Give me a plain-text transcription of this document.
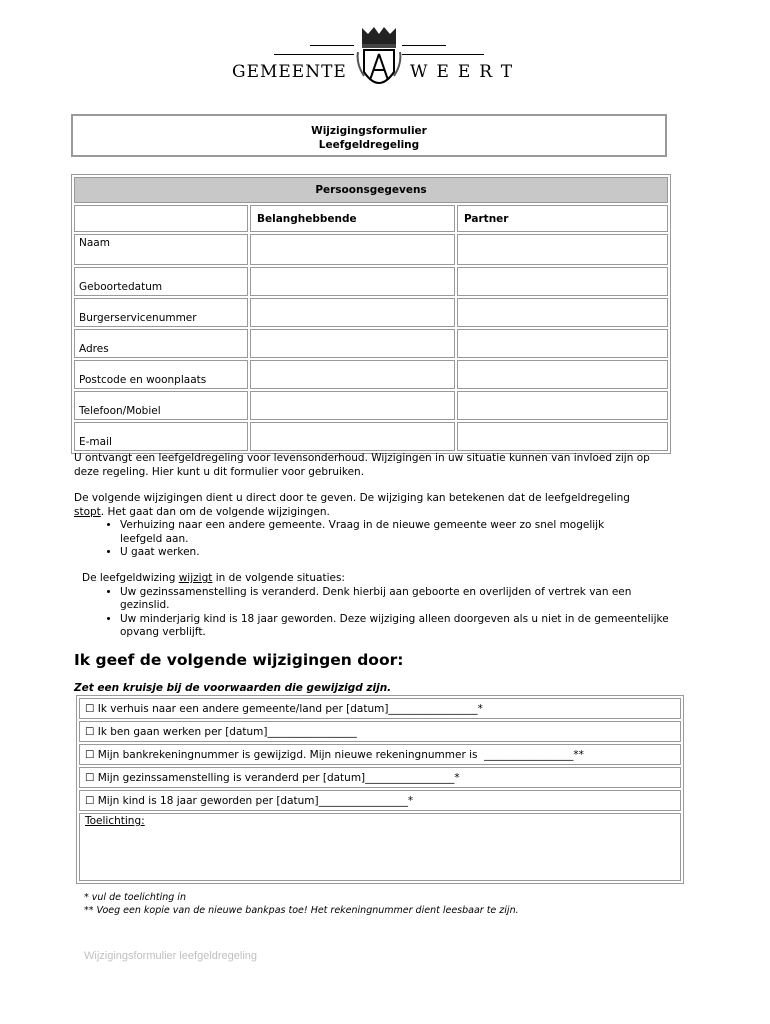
GEMEENTE	WEERT
Wijzigingsformulier
Leefgeldregeling
Persoonsgegevens		
	Belanghebbende	Partner
Naam		
Geboortedatum		
Burgerservicenummer		
Adres		
Postcode en woonplaats		
Telefoon/Mobiel		
E-mail		
U ontvangt een leefgeldregeling voor levensonderhoud. Wijzigingen in uw situatie kunnen van invloed zijn op deze regeling. Hier kunt u dit formulier voor gebruiken.
De volgende wijzigingen dient u direct door te geven. De wijziging kan betekenen dat de leefgeldregeling stopt. Het gaat dan om de volgende wijzigingen.
• Verhuizing naar een andere gemeente. Vraag in de nieuwe gemeente weer zo snel mogelijk leefgeld aan.
• U gaat werken.
De leefgeldwizing wijzigt in de volgende situaties:
• Uw gezinssamenstelling is veranderd. Denk hierbij aan geboorte en overlijden of vertrek van een gezinslid.
• Uw minderjarig kind is 18 jaar geworden. Deze wijziging alleen doorgeven als u niet in de gemeentelijke opvang verblijft.
Ik geef de volgende wijzigingen door:
Zet een kruisje bij de voorwaarden die gewijzigd zijn.
☐ Ik verhuis naar een andere gemeente/land per [datum]_________________*
☐ Ik ben gaan werken per [datum]_________________
☐ Mijn bankrekeningnummer is gewijzigd. Mijn nieuwe rekeningnummer is  _________________**
☐ Mijn gezinssamenstelling is veranderd per [datum]_________________*
☐ Mijn kind is 18 jaar geworden per [datum]_________________*
Toelichting:
* vul de toelichting in
** Voeg een kopie van de nieuwe bankpas toe! Het rekeningnummer dient leesbaar te zijn.
Wijzigingsformulier leefgeldregeling
